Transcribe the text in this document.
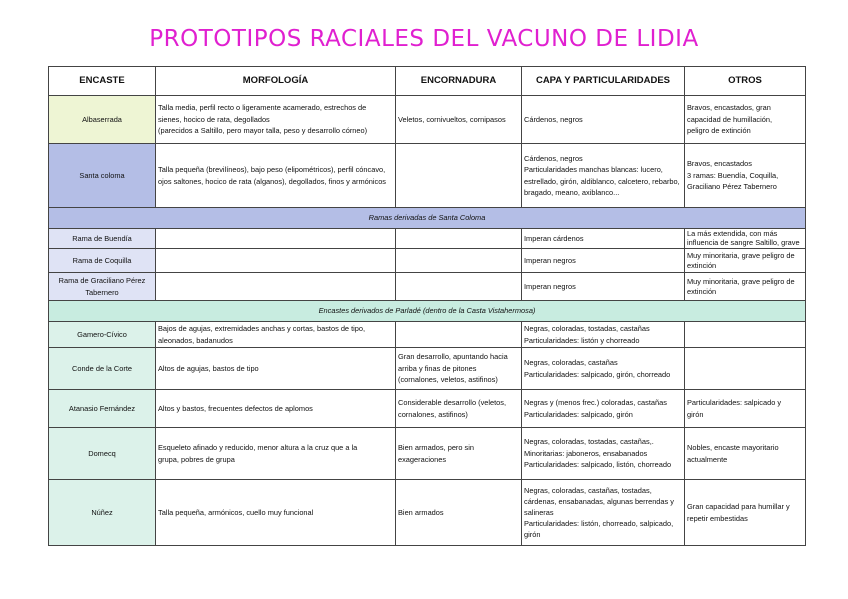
PROTOTIPOS RACIALES DEL VACUNO DE LIDIA
ENCASTE	MORFOLOGÍA	ENCORNADURA	CAPA Y PARTICULARIDADES	OTROS

Albaserrada	Talla media, perfil recto o ligeramente acamerado, estrechos de
sienes, hocico de rata, degollados
(parecidos a Saltillo, pero mayor talla, peso y desarrollo córneo)	Veletos, cornivueltos, cornipasos	Cárdenos, negros	Bravos, encastados, gran
capacidad de humillación,
peligro de extinción

Santa coloma	Talla pequeña (brevilíneos), bajo peso (elipométricos), perfil cóncavo,
ojos saltones, hocico de rata (alganos), degollados, finos y armónicos		Cárdenos, negros
Particularidades manchas blancas: lucero,
estrellado, girón, aldiblanco, calcetero, rebarbo,
bragado, meano, axiblanco...	Bravos, encastados
3 ramas: Buendía, Coquilla,
Graciliano Pérez Tabernero

Ramas derivadas de Santa Coloma				

Rama de Buendía			Imperan cárdenos	La más extendida, con más
influencia de sangre Saltillo, grave

Rama de Coquilla			Imperan negros	Muy minoritaria, grave peligro de
extinción

Rama de Graciliano Pérez
Tabernero			Imperan negros	Muy minoritaria, grave peligro de
extinción

Encastes derivados de Parladé (dentro de la Casta Vistahermosa)				

Gamero-Cívico	Bajos de agujas, extremidades anchas y cortas, bastos de tipo,
aleonados, badanudos		Negras, coloradas, tostadas, castañas
Particularidades: listón y chorreado	

Conde de la Corte	Altos de agujas, bastos de tipo	Gran desarrollo, apuntando hacia
arriba y finas de pitones
(cornalones, veletos, astifinos)	Negras, coloradas, castañas
Particularidades: salpicado, girón, chorreado	

Atanasio Fernández	Altos y bastos, frecuentes defectos de aplomos	Considerable desarrollo (veletos,
cornalones, astifinos)	Negras y (menos frec.) coloradas, castañas
Particularidades: salpicado, girón	Particularidades: salpicado y
girón

Domecq	Esqueleto afinado y reducido, menor altura a la cruz que a la
grupa, pobres de grupa	Bien armados, pero sin
exageraciones	Negras, coloradas, tostadas, castañas,.
Minoritarias: jaboneros, ensabanados
Particularidades: salpicado, listón, chorreado	Nobles, encaste mayoritario
actualmente

Núñez	Talla pequeña, armónicos, cuello muy funcional	Bien armados	Negras, coloradas, castañas, tostadas,
cárdenas, ensabanadas, algunas berrendas y
salineras
Particularidades: listón, chorreado, salpicado,
girón	Gran capacidad para humillar y
repetir embestidas
